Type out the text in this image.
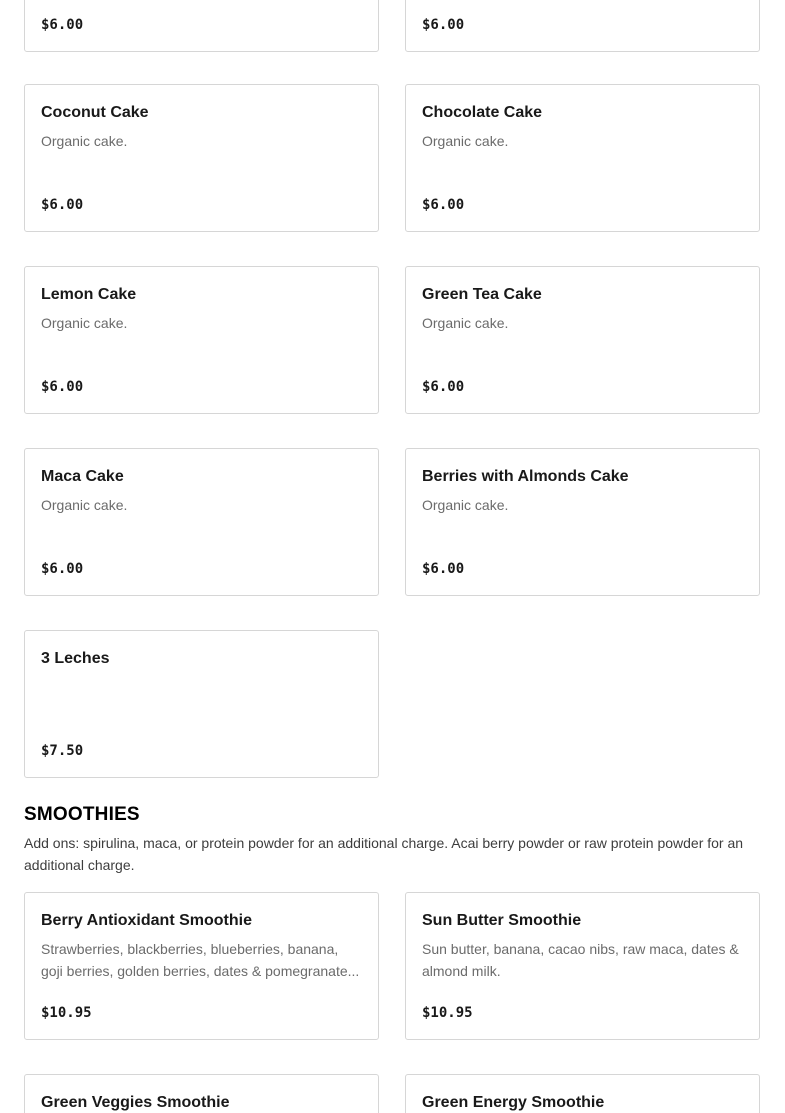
$6.00	$6.00
Coconut Cake
Organic cake.
$6.00
Chocolate Cake
Organic cake.
$6.00
Lemon Cake
Organic cake.
$6.00
Green Tea Cake
Organic cake.
$6.00
Maca Cake
Organic cake.
$6.00
Berries with Almonds Cake
Organic cake.
$6.00
3 Leches
$7.50
SMOOTHIES
Add ons: spirulina, maca, or protein powder for an additional charge. Acai berry powder or raw protein powder for an additional charge.
Berry Antioxidant Smoothie
Strawberries, blackberries, blueberries, banana, goji berries, golden berries, dates & pomegranate...
$10.95
Sun Butter Smoothie
Sun butter, banana, cacao nibs, raw maca, dates & almond milk.
$10.95
Green Veggies Smoothie	Green Energy Smoothie
